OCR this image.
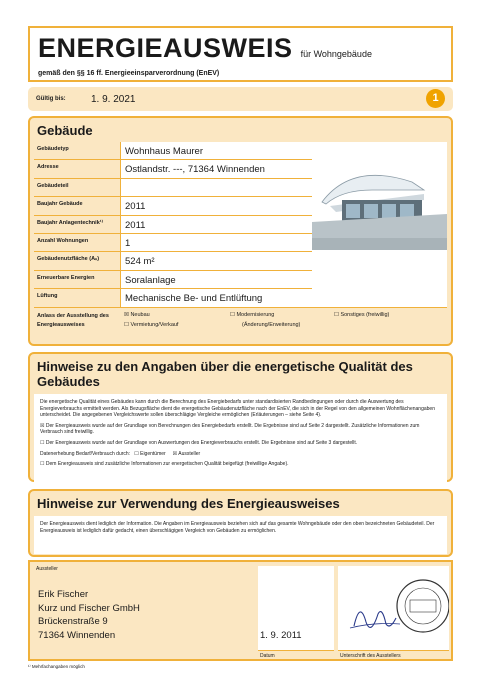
ENERGIEAUSWEIS für Wohngebäude
gemäß den §§ 16 ff. Energieeinsparverordnung (EnEV)
Gültig bis:	1. 9. 2021	1
Gebäude
Gebäudetyp	Wohnhaus Maurer
Adresse	Ostlandstr. ---, 71364 Winnenden
Gebäudeteil
Baujahr Gebäude	2011
Baujahr Anlagentechnik¹⁾	2011
Anzahl Wohnungen	1
Gebäudenutzfläche (Aₙ)	524 m²
Erneuerbare Energien	Soralanlage
Lüftung	Mechanische Be- und Entlüftung
Anlass der Ausstellung des Energieausweises
☒ Neubau
☐ Vermietung/Verkauf
☐ Modernisierung
(Änderung/Erweiterung)
☐ Sonstiges (freiwillig)
Hinweise zu den Angaben über die energetische Qualität des Gebäudes
Die energetische Qualität eines Gebäudes kann durch die Berechnung des Energiebedarfs unter standardisierten Randbedingungen oder durch die Auswertung des Energieverbrauchs ermittelt werden. Als Bezugsfläche dient die energetische Gebäudenutzfläche nach der EnEV, die sich in der Regel von den allgemeinen Wohnflächenangaben unterscheidet. Die angegebenen Vergleichswerte sollen überschlägige Vergleiche ermöglichen (Erläuterungen – siehe Seite 4).
☒ Der Energieausweis wurde auf der Grundlage von Berechnungen des Energiebedarfs erstellt. Die Ergebnisse sind auf Seite 2 dargestellt. Zusätzliche Informationen zum Verbrauch sind freiwillig.
☐ Der Energieausweis wurde auf der Grundlage von Auswertungen des Energieverbrauchs erstellt. Die Ergebnisse sind auf Seite 3 dargestellt.
Datenerhebung Bedarf/Verbrauch durch: ☐ Eigentümer ☒ Aussteller
☐ Dem Energieausweis sind zusätzliche Informationen zur energetischen Qualität beigefügt (freiwillige Angabe).
Hinweise zur Verwendung des Energieausweises
Der Energieausweis dient lediglich der Information. Die Angaben im Energieausweis beziehen sich auf das gesamte Wohngebäude oder den oben bezeichneten Gebäudeteil. Der Energieausweis ist lediglich dafür gedacht, einen überschlägigen Vergleich von Gebäuden zu ermöglichen.
Aussteller
Erik Fischer
Kurz und Fischer GmbH
Brückenstraße 9
71364 Winnenden	1. 9. 2011
Datum	Unterschrift des Ausstellers
¹⁾ Mehrfachangaben möglich
